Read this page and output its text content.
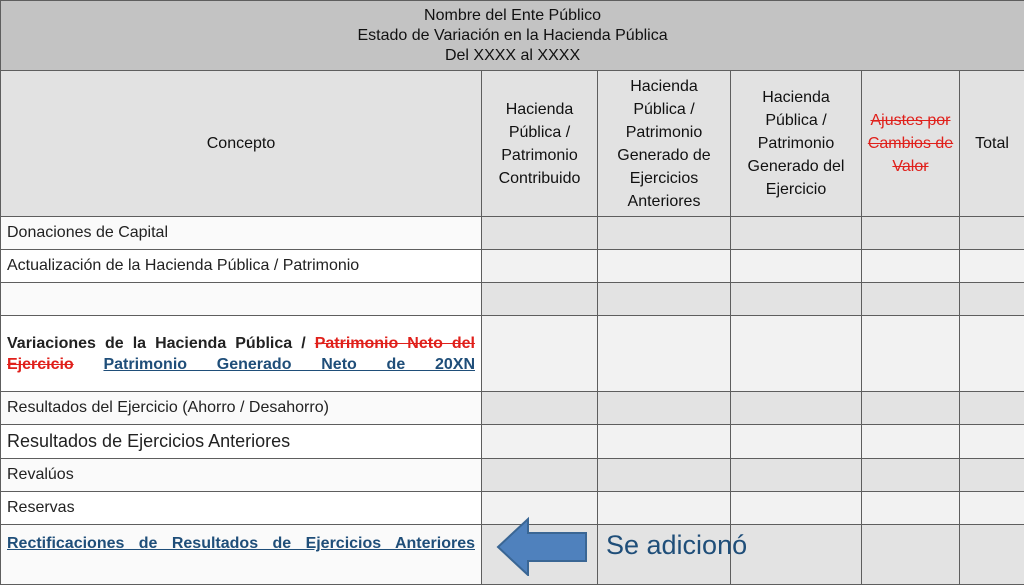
Nombre del Ente Público
Estado de Variación en la Hacienda Pública
Del XXXX al XXXX					

Concepto	Hacienda Pública / Patrimonio Contribuido	Hacienda Pública / Patrimonio Generado de Ejercicios Anteriores	Hacienda Pública / Patrimonio Generado del Ejercicio	Ajustes por Cambios de Valor	Total
Donaciones de Capital					
Actualización de la Hacienda Pública / Patrimonio					

Variaciones de la Hacienda Pública / Patrimonio Neto del Ejercicio Patrimonio Generado Neto de 20XN					
Resultados del Ejercicio (Ahorro / Desahorro)					
Resultados de Ejercicios Anteriores					
Revalúos					
Reservas					
Rectificaciones de Resultados de Ejercicios Anteriores						Se adicionó
